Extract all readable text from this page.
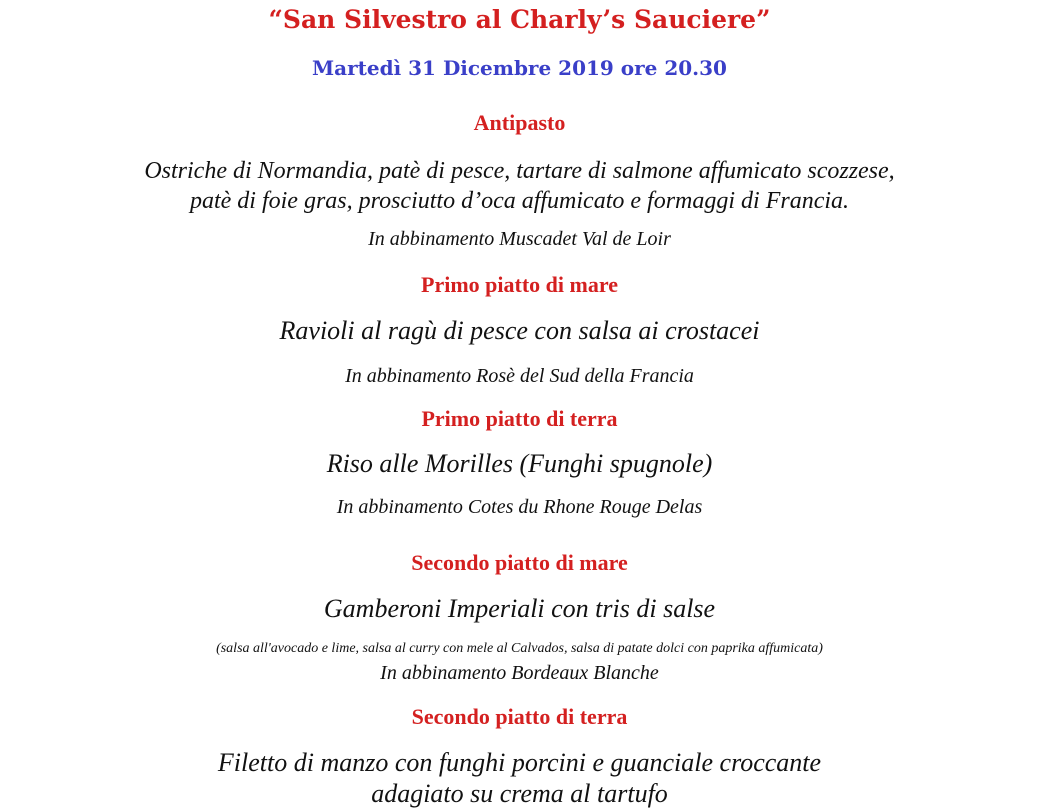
“San Silvestro al Charly’s Sauciere”
Martedì 31 Dicembre 2019 ore 20.30
Antipasto
Ostriche di Normandia, patè di pesce, tartare di salmone affumicato scozzese,
patè di foie gras, prosciutto d’oca affumicato e formaggi di Francia.
In abbinamento Muscadet Val de Loir
Primo piatto di mare
Ravioli al ragù di pesce con salsa ai crostacei
In abbinamento Rosè del Sud della Francia
Primo piatto di terra
Riso alle Morilles (Funghi spugnole)
In abbinamento Cotes du Rhone Rouge Delas
Secondo piatto di mare
Gamberoni Imperiali con tris di salse
(salsa all'avocado e lime, salsa al curry con mele al Calvados, salsa di patate dolci con paprika affumicata)
In abbinamento Bordeaux Blanche
Secondo piatto di terra
Filetto di manzo con funghi porcini e guanciale croccante
adagiato su crema al tartufo
